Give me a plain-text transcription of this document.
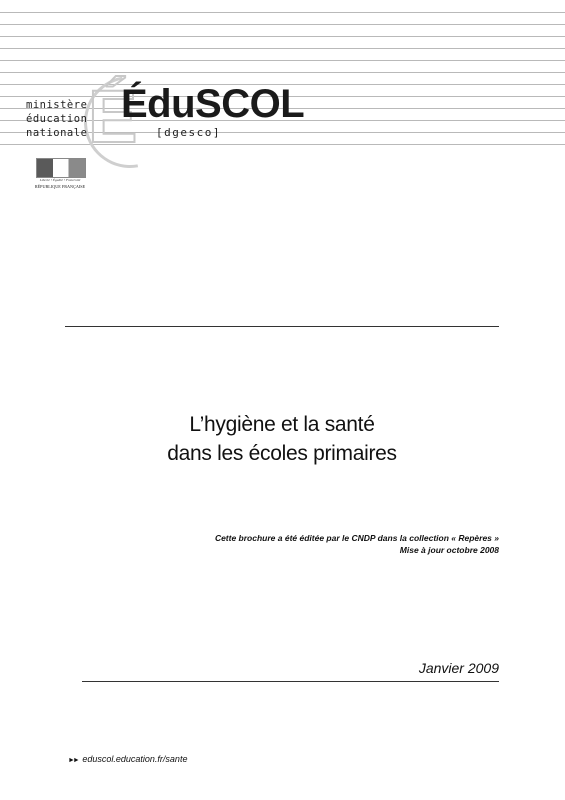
É
ministère
éducation
nationale
ÉduSCOL
[dgesco]
Liberté • Égalité • Fraternité
RÉPUBLIQUE FRANÇAISE
L’hygiène et la santé
dans les écoles primaires
Cette brochure a été éditée par le CNDP dans la collection « Repères »
Mise à jour octobre 2008
Janvier 2009
►► eduscol.education.fr/sante
